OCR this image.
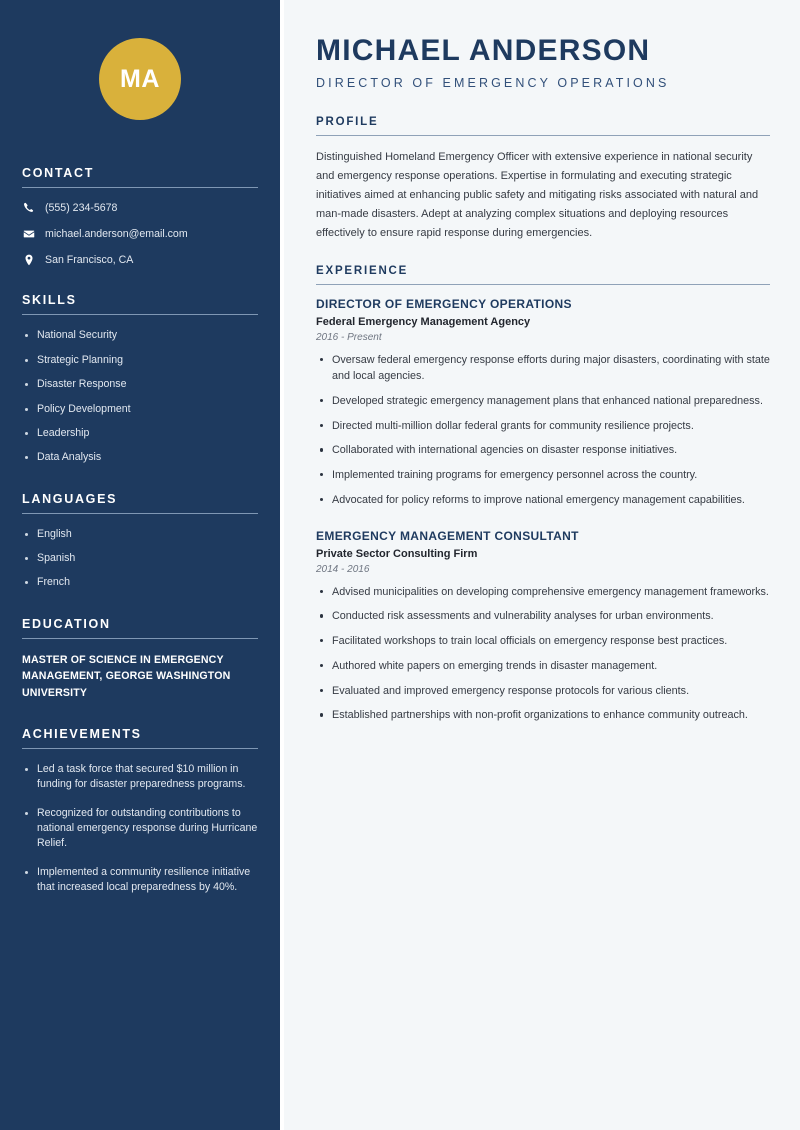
MA
CONTACT
(555) 234-5678
michael.anderson@email.com
San Francisco, CA
SKILLS
National Security
Strategic Planning
Disaster Response
Policy Development
Leadership
Data Analysis
LANGUAGES
English
Spanish
French
EDUCATION
MASTER OF SCIENCE IN EMERGENCY MANAGEMENT, GEORGE WASHINGTON UNIVERSITY
ACHIEVEMENTS
Led a task force that secured $10 million in funding for disaster preparedness programs.
Recognized for outstanding contributions to national emergency response during Hurricane Relief.
Implemented a community resilience initiative that increased local preparedness by 40%.
MICHAEL ANDERSON
DIRECTOR OF EMERGENCY OPERATIONS
PROFILE

Distinguished Homeland Emergency Officer with extensive experience in national security and emergency response operations. Expertise in formulating and executing strategic initiatives aimed at enhancing public safety and mitigating risks associated with natural and man-made disasters. Adept at analyzing complex situations and deploying resources effectively to ensure rapid response during emergencies.

EXPERIENCE
DIRECTOR OF EMERGENCY OPERATIONS
Federal Emergency Management Agency
2016 - Present
Oversaw federal emergency response efforts during major disasters, coordinating with state and local agencies.
Developed strategic emergency management plans that enhanced national preparedness.
Directed multi-million dollar federal grants for community resilience projects.
Collaborated with international agencies on disaster response initiatives.
Implemented training programs for emergency personnel across the country.
Advocated for policy reforms to improve national emergency management capabilities.
EMERGENCY MANAGEMENT CONSULTANT
Private Sector Consulting Firm
2014 - 2016
Advised municipalities on developing comprehensive emergency management frameworks.
Conducted risk assessments and vulnerability analyses for urban environments.
Facilitated workshops to train local officials on emergency response best practices.
Authored white papers on emerging trends in disaster management.
Evaluated and improved emergency response protocols for various clients.
Established partnerships with non-profit organizations to enhance community outreach.
